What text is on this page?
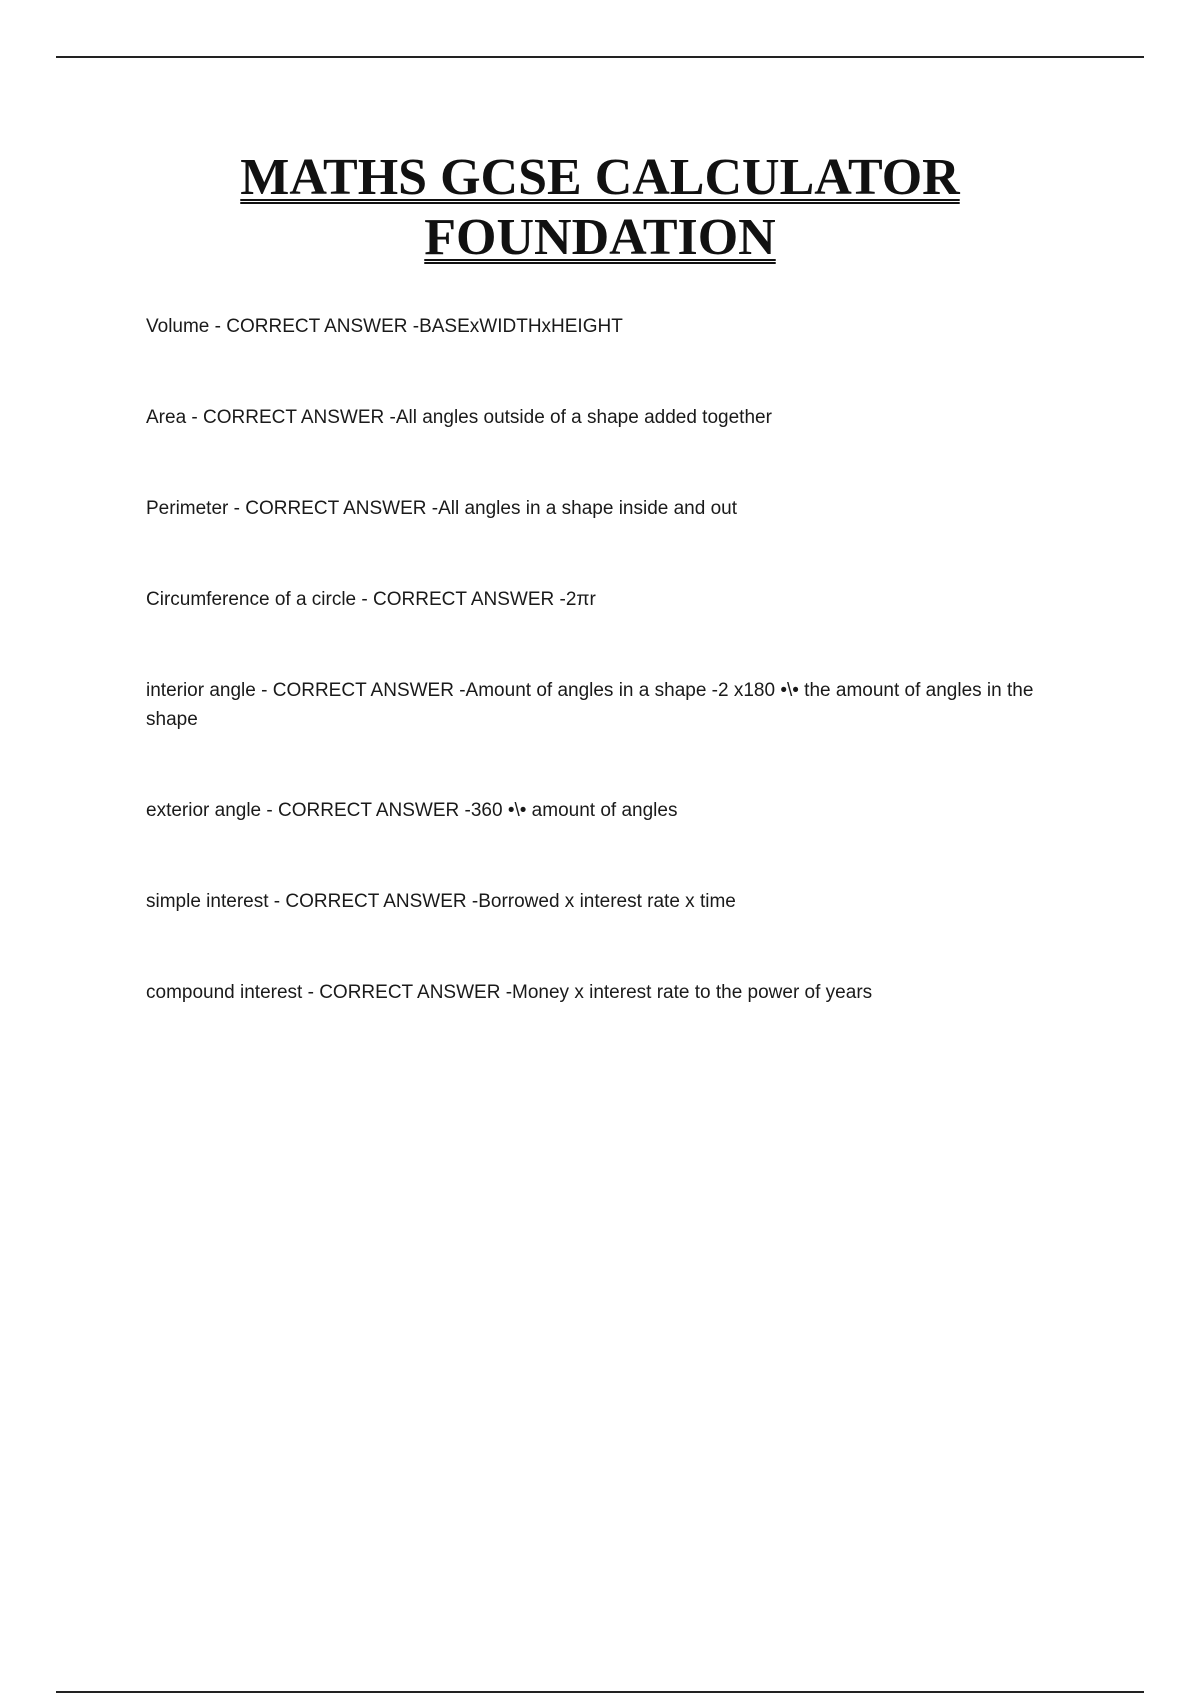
MATHS GCSE CALCULATOR
FOUNDATION
Volume - CORRECT ANSWER -BASExWIDTHxHEIGHT
Area - CORRECT ANSWER -All angles outside of a shape added together
Perimeter - CORRECT ANSWER -All angles in a shape inside and out
Circumference of a circle - CORRECT ANSWER -2πr
interior angle - CORRECT ANSWER -Amount of angles in a shape -2 x180 •\• the amount of angles in the shape
exterior angle - CORRECT ANSWER -360 •\• amount of angles
simple interest - CORRECT ANSWER -Borrowed x interest rate x time
compound interest - CORRECT ANSWER -Money x interest rate to the power of years
